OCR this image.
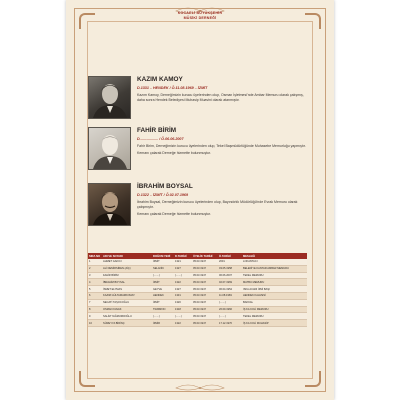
KOCAELİ BÜYÜKŞEHİR
MÜSİKİ DERNEĞİ
KAZIM KAMOY
D.1331 – HENDEK / Ö.11.08.1969 – İZMİT
Kazım Kamoy, Derneğimizin kurucu üyelerinden olup, Osman İşletmesi'nde Ambar Memuru olarak çalışmış, daha sonra Hendek Belediyesi Muhasip Muavini olarak atanmıştır.
FAHİR BİRİM
D.................. / Ö.06.06.2007
Fahir Birim, Derneğimizin kurucu üyelerinden olup, Tekel Başmüdürlüğünde Muhasebe Memurluğu yapmıştır.
Kemanı çalarak Derneğe hizmette bulunmuştur.
İBRAHİM BOYSAL
D.1322 – İZMİT / Ö.02.07.1969
İbrahim Boysal, Derneğimizin kurucu üyelerinden olup, Bayındırlık Müdürlüğü'nde Evrak Memuru olarak çalışmıştır.
Kemanı çalarak Derneğe hizmette bulunmuştur.
SIRA NO	ADI VE SOYADI	DOĞUM YERİ	D.TARİHİ	ÜYELİK TARİHİ	Ö.TARİHİ	MESLEĞİ
1	AHMET GAKICI	İZMİT	1321	05.03.1947	2001	LOKANTACI
2	ALİ DEMİRSİREN (AİÇ)	SELANİK	1327	05.03.1947	03.05.1958	BELEDİYE KANTAR AMBAR MEMURU
3	FAHİR BİRİM	(.......)	(.......)	05.03.1947	06.06.2007	TEKEL MEMURU
4	İBRAHİM BOYSAL	İZMİT	1322	05.03.1947	02.07.1969	MATBU MEMURU
5	İSMET ELYMAS	GEYVE	1327	05.03.1947	06.04.1954	ISKA ACADI İZMİ BAŞI
6	KAZIM GÜLTAMARKOMAY	HENDEK	1331	05.03.1947	11.08.1969	HENDEK KAHVESİ
7	NECATİ TAŞOCOĞLU	İZMİT	1320	05.03.1947	(.......)	BAKKAL
8	OSMAN KAVAK	TRABZON	1318	05.03.1947	26.09.1966	İŞ KA KOLİ MEMURU
9	SALİM YAĞMURDOĞLU	(.......)	(.......)	05.03.1947	(.......)	TEKEL MEMURU
10	SÜREYYA BİRİNÇ	İZMİR	1322	05.03.1947	17.12.1970	İŞ KA KOLİ MUHASİP
